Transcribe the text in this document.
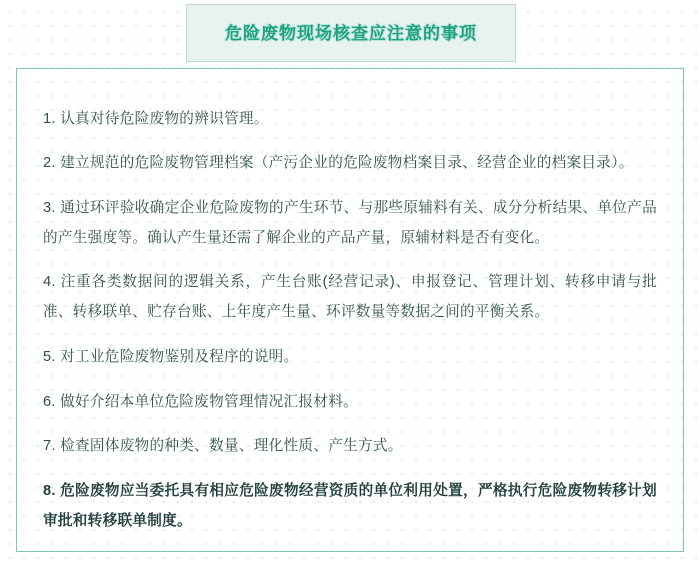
危险废物现场核查应注意的事项

1. 认真对待危险废物的辨识管理。

2. 建立规范的危险废物管理档案（产污企业的危险废物档案目录、经营企业的档案目录）。

3. 通过环评验收确定企业危险废物的产生环节、与那些原辅料有关、成分分析结果、单位产品的产生强度等。确认产生量还需了解企业的产品产量，原辅材料是否有变化。

4. 注重各类数据间的逻辑关系，产生台账(经营记录)、申报登记、管理计划、转移申请与批准、转移联单、贮存台账、上年度产生量、环评数量等数据之间的平衡关系。

5. 对工业危险废物鉴别及程序的说明。

6. 做好介绍本单位危险废物管理情况汇报材料。

7. 检查固体废物的种类、数量、理化性质、产生方式。

8. 危险废物应当委托具有相应危险废物经营资质的单位利用处置，严格执行危险废物转移计划审批和转移联单制度。
